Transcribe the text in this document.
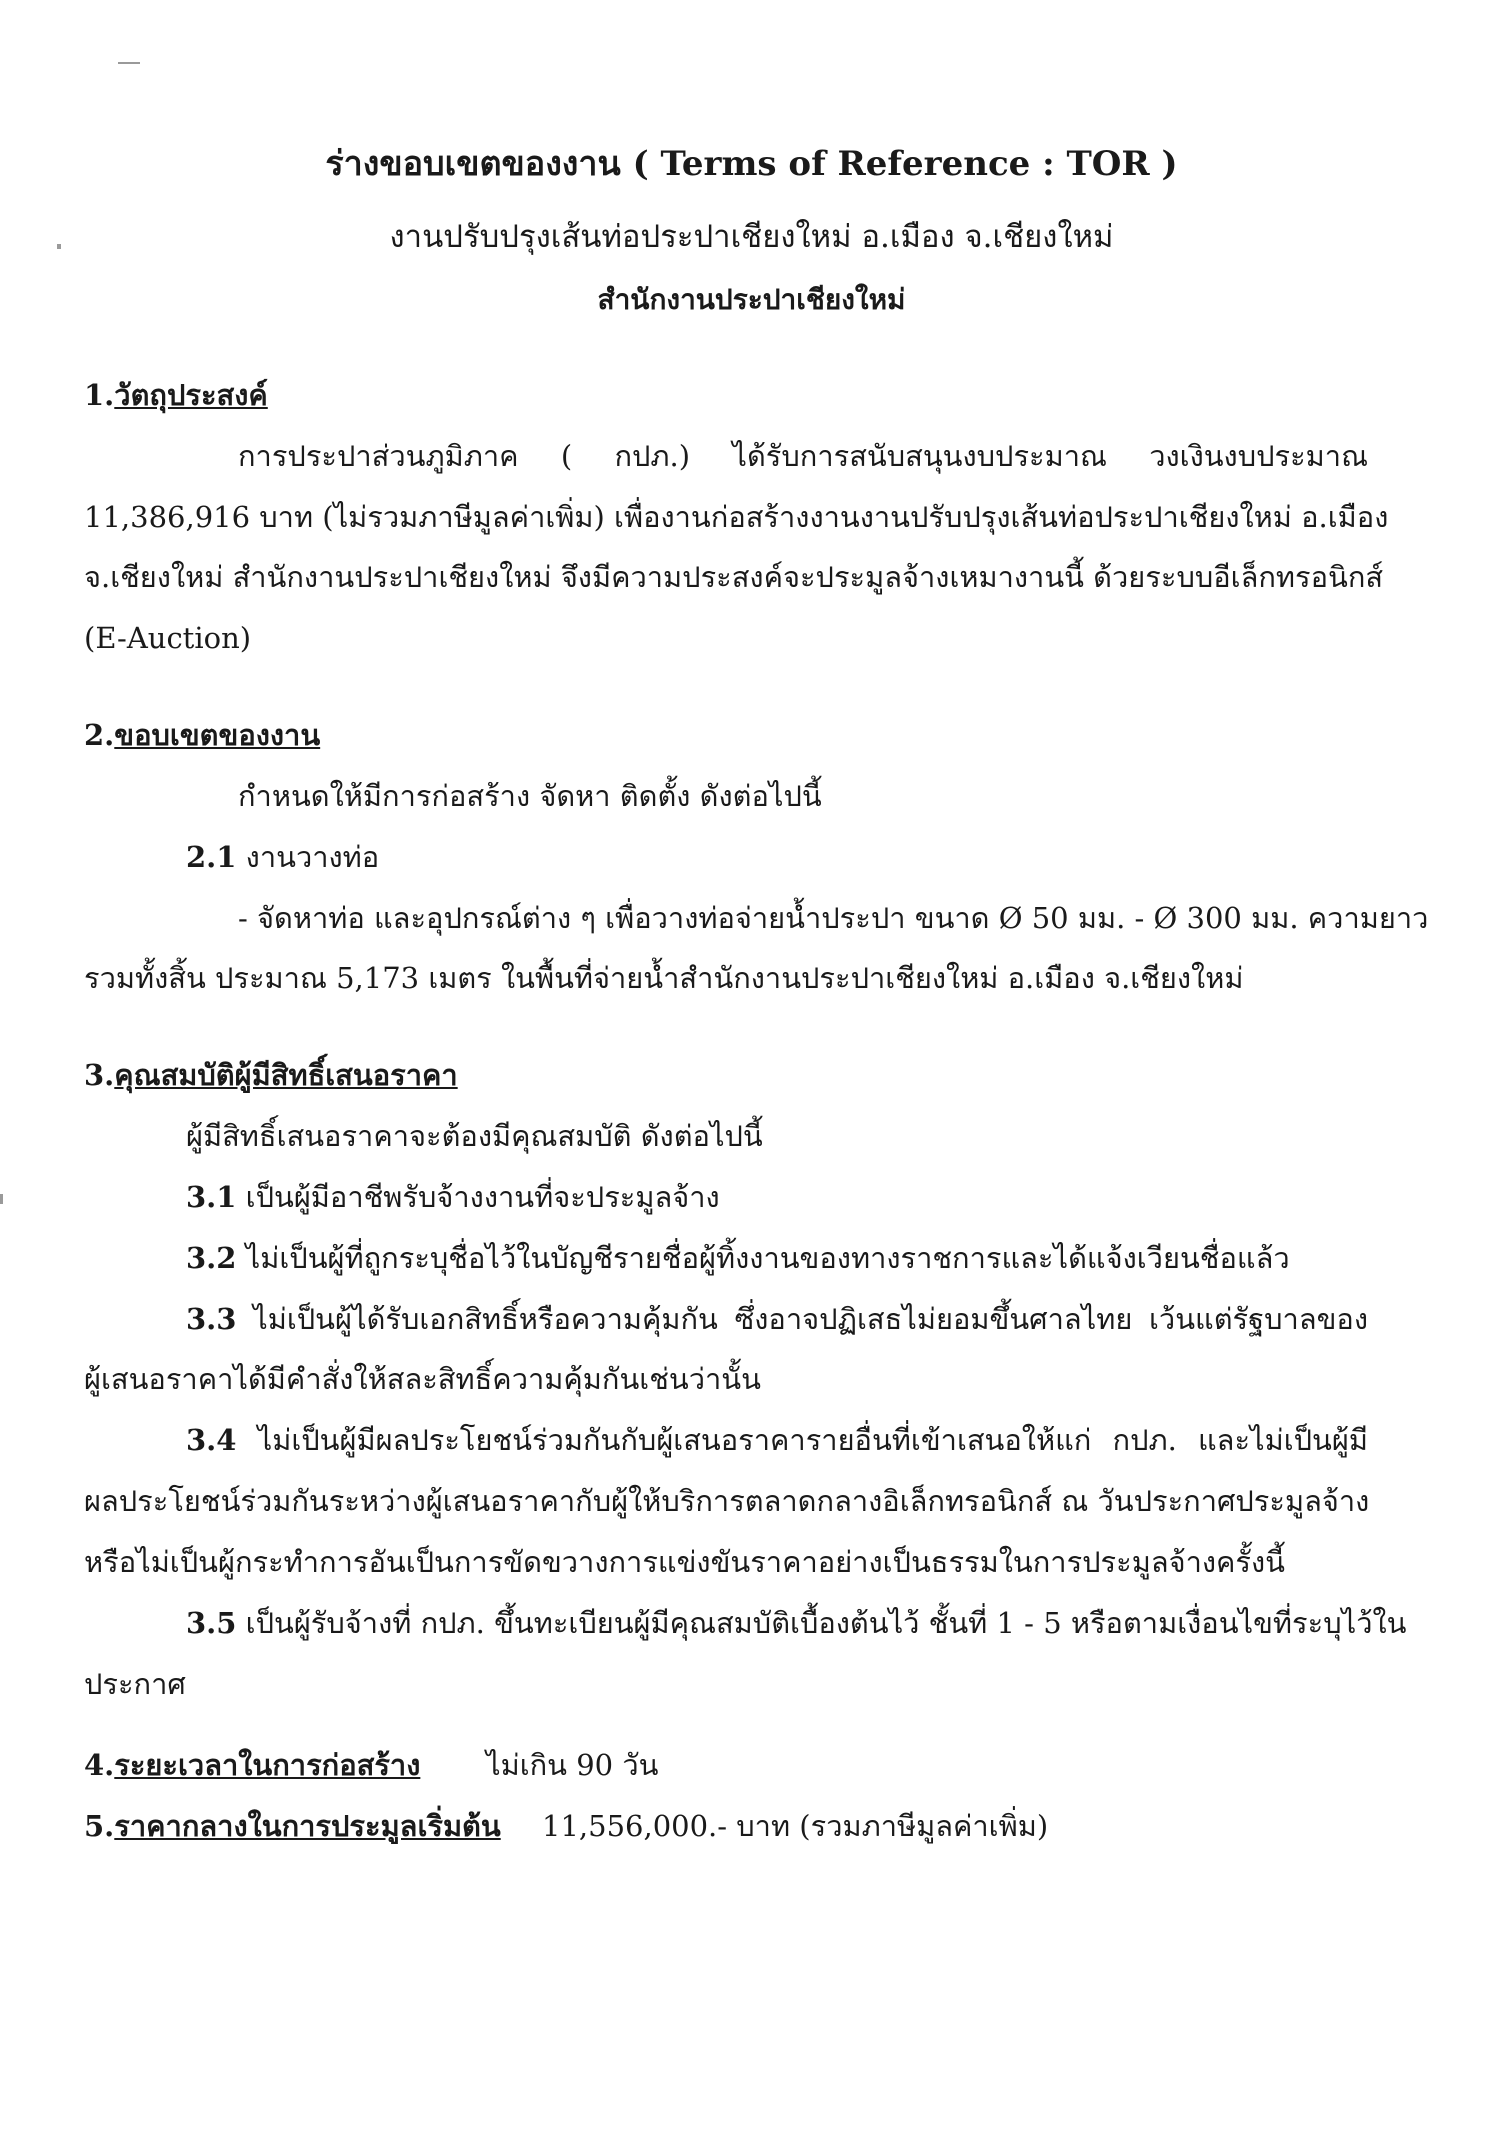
ร่างขอบเขตของงาน ( Terms of Reference : TOR )
งานปรับปรุงเส้นท่อประปาเชียงใหม่ อ.เมือง จ.เชียงใหม่
สำนักงานประปาเชียงใหม่
1.วัตถุประสงค์
การประปาส่วนภูมิภาค ( กปภ.) ได้รับการสนับสนุนงบประมาณ วงเงินงบประมาณ
11,386,916 บาท (ไม่รวมภาษีมูลค่าเพิ่ม) เพื่องานก่อสร้างงานงานปรับปรุงเส้นท่อประปาเชียงใหม่ อ.เมือง
จ.เชียงใหม่ สำนักงานประปาเชียงใหม่ จึงมีความประสงค์จะประมูลจ้างเหมางานนี้ ด้วยระบบอีเล็กทรอนิกส์
(E-Auction)
2.ขอบเขตของงาน
กำหนดให้มีการก่อสร้าง จัดหา ติดตั้ง ดังต่อไปนี้
2.1 งานวางท่อ
- จัดหาท่อ และอุปกรณ์ต่าง ๆ เพื่อวางท่อจ่ายน้ำประปา ขนาด Ø 50 มม. - Ø 300 มม. ความยาว
รวมทั้งสิ้น ประมาณ 5,173 เมตร ในพื้นที่จ่ายน้ำสำนักงานประปาเชียงใหม่ อ.เมือง จ.เชียงใหม่
3.คุณสมบัติผู้มีสิทธิ์เสนอราคา
ผู้มีสิทธิ์เสนอราคาจะต้องมีคุณสมบัติ ดังต่อไปนี้
3.1 เป็นผู้มีอาชีพรับจ้างงานที่จะประมูลจ้าง
3.2 ไม่เป็นผู้ที่ถูกระบุชื่อไว้ในบัญชีรายชื่อผู้ทิ้งงานของทางราชการและได้แจ้งเวียนชื่อแล้ว
3.3 ไม่เป็นผู้ได้รับเอกสิทธิ์หรือความคุ้มกัน ซึ่งอาจปฏิเสธไม่ยอมขึ้นศาลไทย เว้นแต่รัฐบาลของ
ผู้เสนอราคาได้มีคำสั่งให้สละสิทธิ์ความคุ้มกันเช่นว่านั้น
3.4 ไม่เป็นผู้มีผลประโยชน์ร่วมกันกับผู้เสนอราคารายอื่นที่เข้าเสนอให้แก่ กปภ. และไม่เป็นผู้มี
ผลประโยชน์ร่วมกันระหว่างผู้เสนอราคากับผู้ให้บริการตลาดกลางอิเล็กทรอนิกส์ ณ วันประกาศประมูลจ้าง
หรือไม่เป็นผู้กระทำการอันเป็นการขัดขวางการแข่งขันราคาอย่างเป็นธรรมในการประมูลจ้างครั้งนี้
3.5 เป็นผู้รับจ้างที่ กปภ. ขึ้นทะเบียนผู้มีคุณสมบัติเบื้องต้นไว้ ชั้นที่ 1 - 5 หรือตามเงื่อนไขที่ระบุไว้ใน
ประกาศ
4.ระยะเวลาในการก่อสร้าง ไม่เกิน 90 วัน
5.ราคากลางในการประมูลเริ่มต้น 11,556,000.- บาท (รวมภาษีมูลค่าเพิ่ม)
